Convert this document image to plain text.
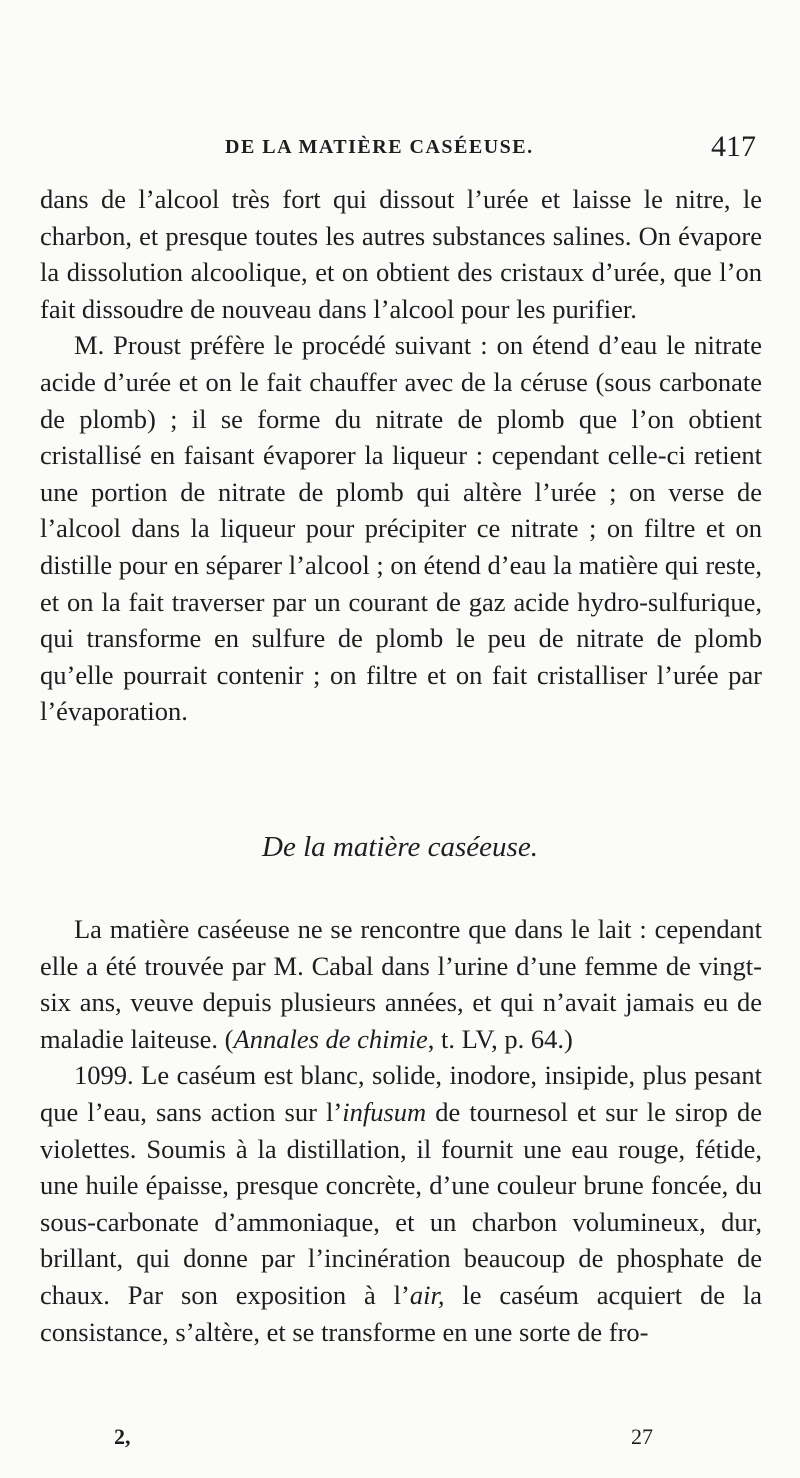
DE LA MATIÈRE CASÉEUSE.	417

dans de l’alcool très fort qui dissout l’urée et laisse le nitre, le charbon, et presque toutes les autres substances salines. On évapore la dissolution alcoolique, et on obtient des cristaux d’urée, que l’on fait dissoudre de nouveau dans l’alcool pour les purifier.

M. Proust préfère le procédé suivant : on étend d’eau le nitrate acide d’urée et on le fait chauffer avec de la céruse (sous carbonate de plomb) ; il se forme du nitrate de plomb que l’on obtient cristallisé en faisant évaporer la liqueur : cependant celle-ci retient une portion de nitrate de plomb qui altère l’urée ; on verse de l’alcool dans la liqueur pour précipiter ce nitrate ; on filtre et on distille pour en séparer l’alcool ; on étend d’eau la matière qui reste, et on la fait traverser par un courant de gaz acide hydro-sulfurique, qui transforme en sulfure de plomb le peu de nitrate de plomb qu’elle pourrait contenir ; on filtre et on fait cristalliser l’urée par l’évaporation.

De la matière caséeuse.

La matière caséeuse ne se rencontre que dans le lait : cependant elle a été trouvée par M. Cabal dans l’urine d’une femme de vingt-six ans, veuve depuis plusieurs années, et qui n’avait jamais eu de maladie laiteuse. (Annales de chimie, t. LV, p. 64.)

1099. Le caséum est blanc, solide, inodore, insipide, plus pesant que l’eau, sans action sur l’infusum de tournesol et sur le sirop de violettes. Soumis à la distillation, il fournit une eau rouge, fétide, une huile épaisse, presque concrète, d’une couleur brune foncée, du sous-carbonate d’ammoniaque, et un charbon volumineux, dur, brillant, qui donne par l’incinération beaucoup de phosphate de chaux. Par son exposition à l’air, le caséum acquiert de la consistance, s’altère, et se transforme en une sorte de fro-

2,	27
